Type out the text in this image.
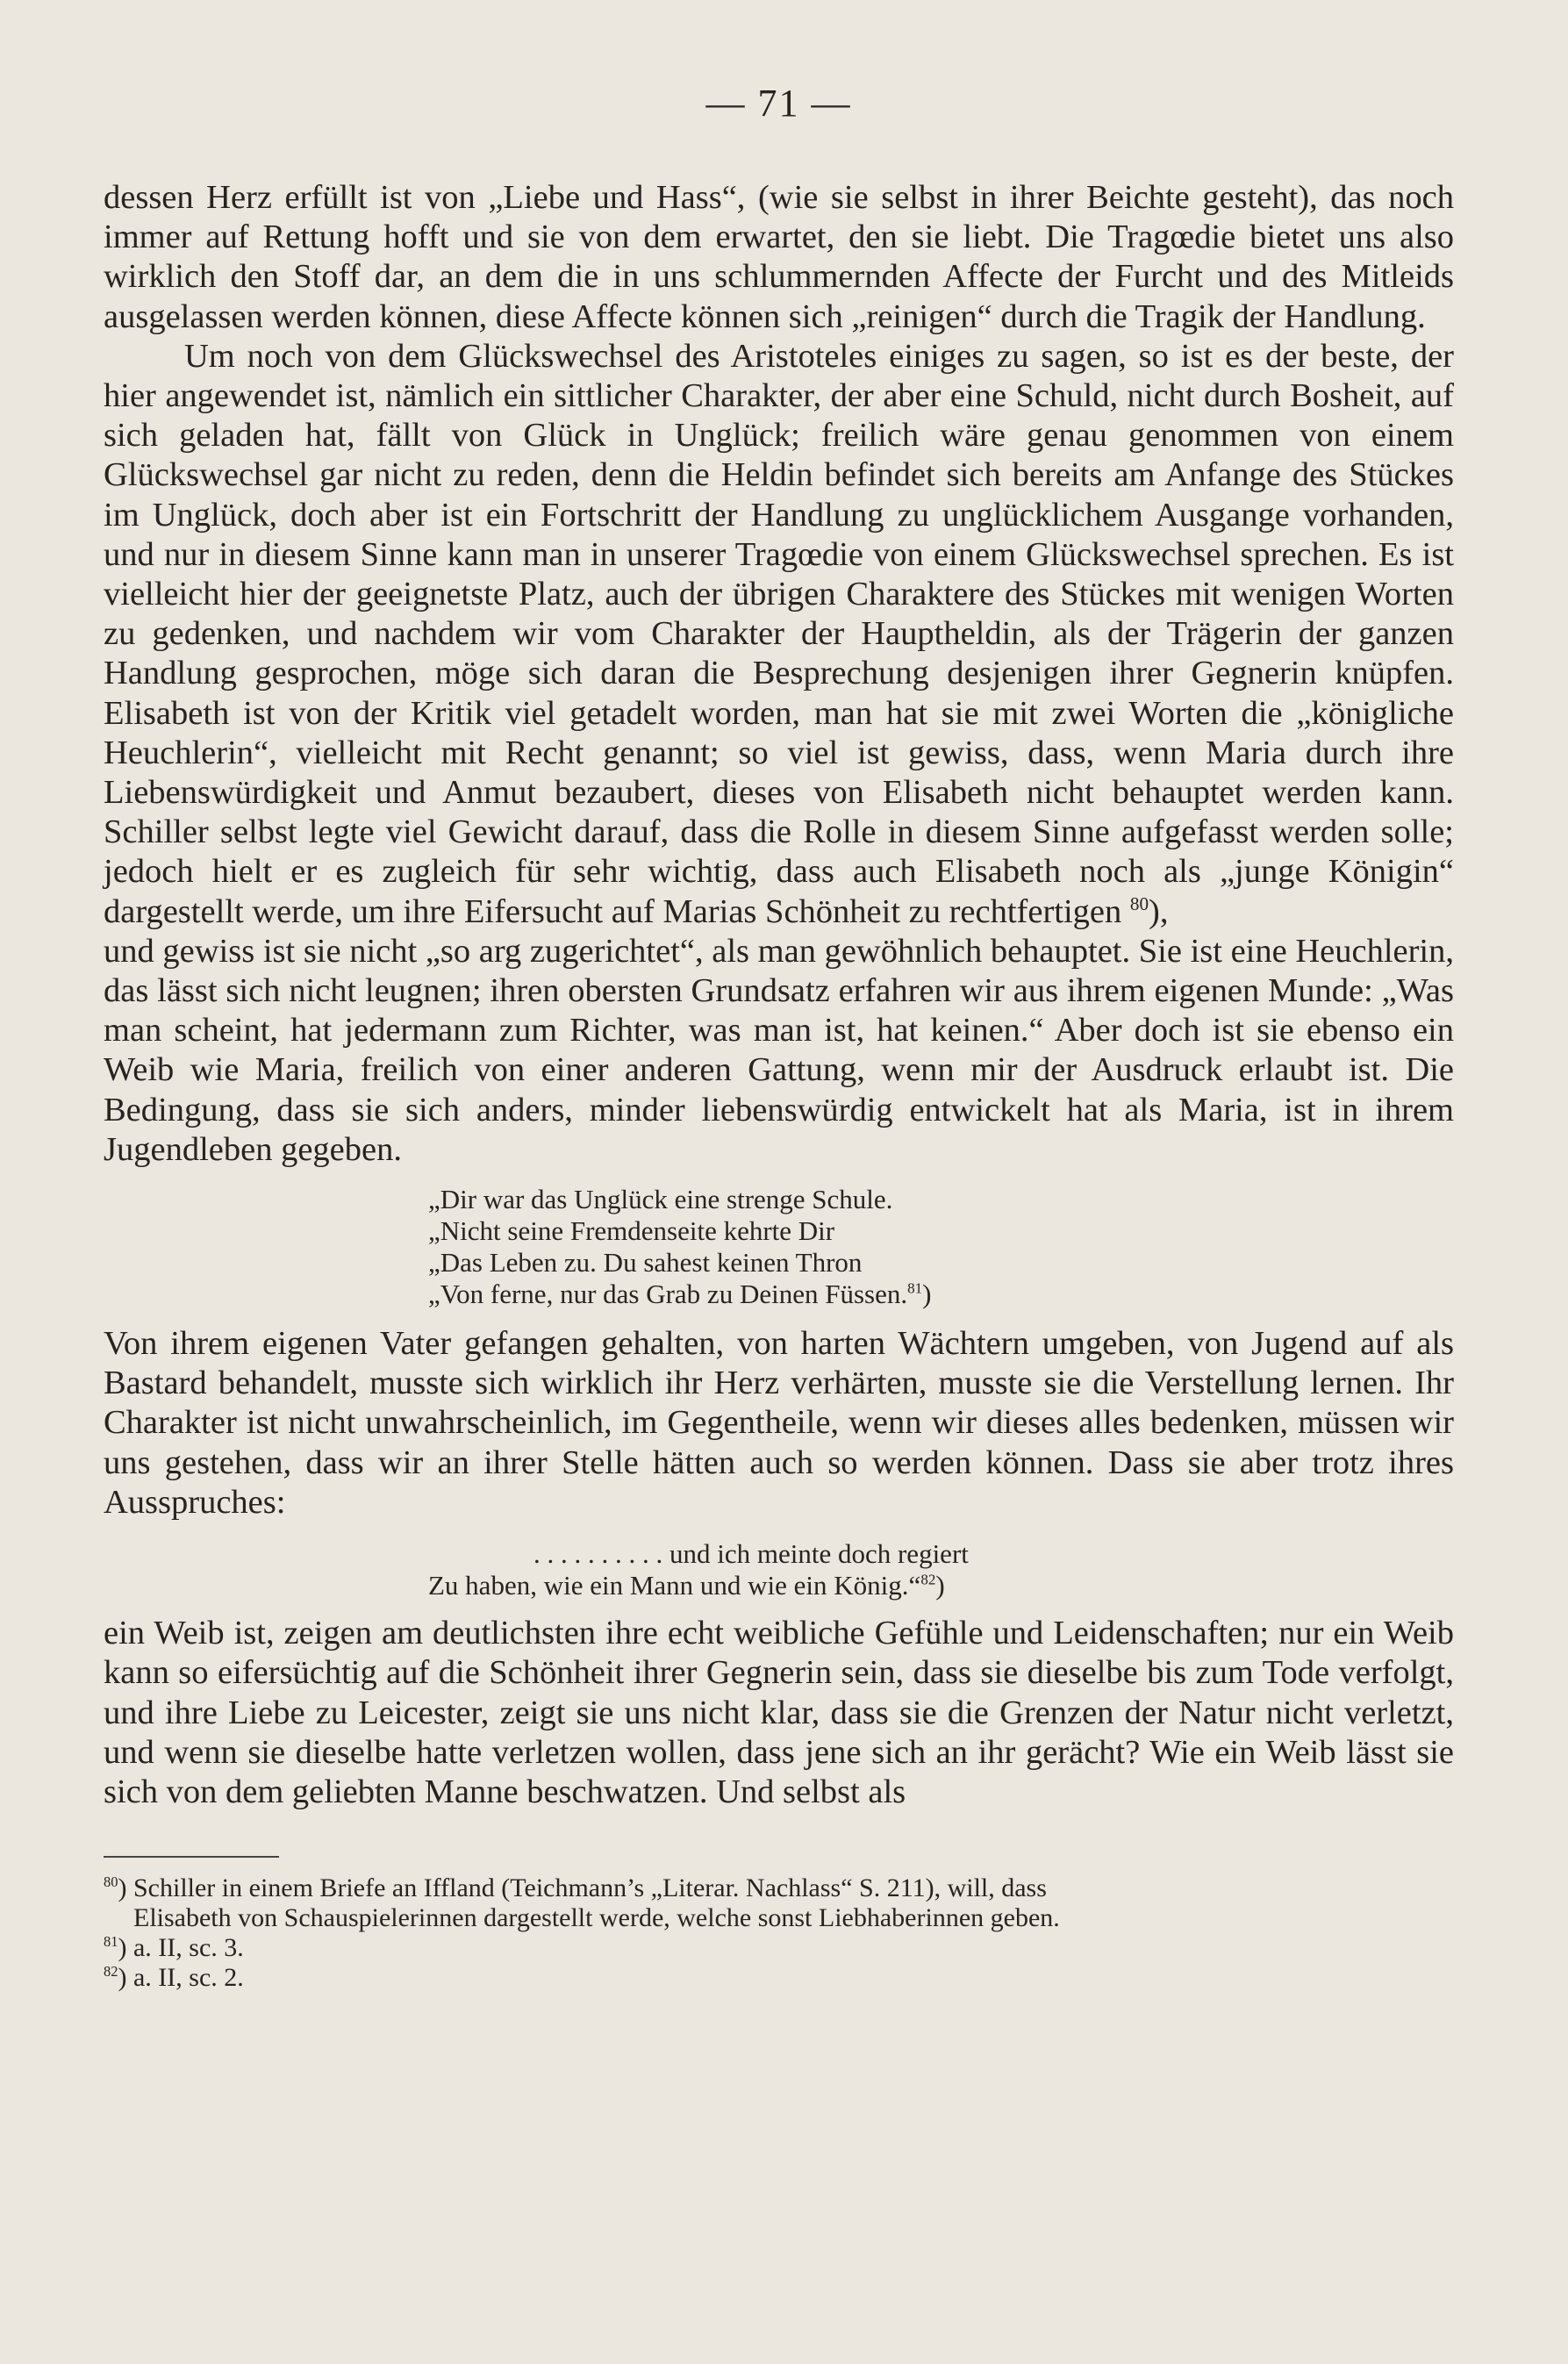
— 71 —

dessen Herz erfüllt ist von „Liebe und Hass“, (wie sie selbst in ihrer Beichte gesteht), das noch immer auf Rettung hofft und sie von dem erwartet, den sie liebt. Die Tragœdie bietet uns also wirklich den Stoff dar, an dem die in uns schlummernden Affecte der Furcht und des Mitleids ausgelassen werden können, diese Affecte können sich „reinigen“ durch die Tragik der Handlung.

Um noch von dem Glückswechsel des Aristoteles einiges zu sagen, so ist es der beste, der hier angewendet ist, nämlich ein sittlicher Charakter, der aber eine Schuld, nicht durch Bosheit, auf sich geladen hat, fällt von Glück in Unglück; freilich wäre genau genommen von einem Glückswechsel gar nicht zu reden, denn die Heldin befindet sich bereits am Anfange des Stückes im Unglück, doch aber ist ein Fortschritt der Handlung zu unglücklichem Ausgange vorhanden, und nur in diesem Sinne kann man in unserer Tragœdie von einem Glückswechsel sprechen. Es ist vielleicht hier der geeignetste Platz, auch der übrigen Charaktere des Stückes mit wenigen Worten zu gedenken, und nachdem wir vom Charakter der Hauptheldin, als der Trägerin der ganzen Handlung gesprochen, möge sich daran die Besprechung desjenigen ihrer Gegnerin knüpfen. Elisabeth ist von der Kritik viel getadelt worden, man hat sie mit zwei Worten die „königliche Heuchlerin“, vielleicht mit Recht genannt; so viel ist gewiss, dass, wenn Maria durch ihre Liebenswürdigkeit und Anmut bezaubert, dieses von Elisabeth nicht behauptet werden kann. Schiller selbst legte viel Gewicht darauf, dass die Rolle in diesem Sinne aufgefasst werden solle; jedoch hielt er es zugleich für sehr wichtig, dass auch Elisabeth noch als „junge Königin“ dargestellt werde, um ihre Eifersucht auf Marias Schönheit zu rechtfertigen $^{80}$),

und gewiss ist sie nicht „so arg zugerichtet“, als man gewöhnlich behauptet. Sie ist eine Heuchlerin, das lässt sich nicht leugnen; ihren obersten Grundsatz erfahren wir aus ihrem eigenen Munde: „Was man scheint, hat jedermann zum Richter, was man ist, hat keinen.“ Aber doch ist sie ebenso ein Weib wie Maria, freilich von einer anderen Gattung, wenn mir der Ausdruck erlaubt ist. Die Bedingung, dass sie sich anders, minder liebenswürdig entwickelt hat als Maria, ist in ihrem Jugendleben gegeben.

„Dir war das Unglück eine strenge Schule.
„Nicht seine Fremdenseite kehrte Dir
„Das Leben zu. Du sahest keinen Thron
„Von ferne, nur das Grab zu Deinen Füssen.$^{81}$)

Von ihrem eigenen Vater gefangen gehalten, von harten Wächtern umgeben, von Jugend auf als Bastard behandelt, musste sich wirklich ihr Herz verhärten, musste sie die Verstellung lernen. Ihr Charakter ist nicht unwahrscheinlich, im Gegentheile, wenn wir dieses alles bedenken, müssen wir uns gestehen, dass wir an ihrer Stelle hätten auch so werden können. Dass sie aber trotz ihres Ausspruches:

. . . . . . . . . . und ich meinte doch regiert
Zu haben, wie ein Mann und wie ein König.“$^{82}$)

ein Weib ist, zeigen am deutlichsten ihre echt weibliche Gefühle und Leidenschaften; nur ein Weib kann so eifersüchtig auf die Schönheit ihrer Gegnerin sein, dass sie dieselbe bis zum Tode verfolgt, und ihre Liebe zu Leicester, zeigt sie uns nicht klar, dass sie die Grenzen der Natur nicht verletzt, und wenn sie dieselbe hatte verletzen wollen, dass jene sich an ihr gerächt? Wie ein Weib lässt sie sich von dem geliebten Manne beschwatzen. Und selbst als

$^{80}$) Schiller in einem Briefe an Iffland (Teichmann’s „Literar. Nachlass“ S. 211), will, dass
Elisabeth von Schauspielerinnen dargestellt werde, welche sonst Liebhaberinnen geben.

$^{81}$) a. II, sc. 3.

$^{82}$) a. II, sc. 2.
